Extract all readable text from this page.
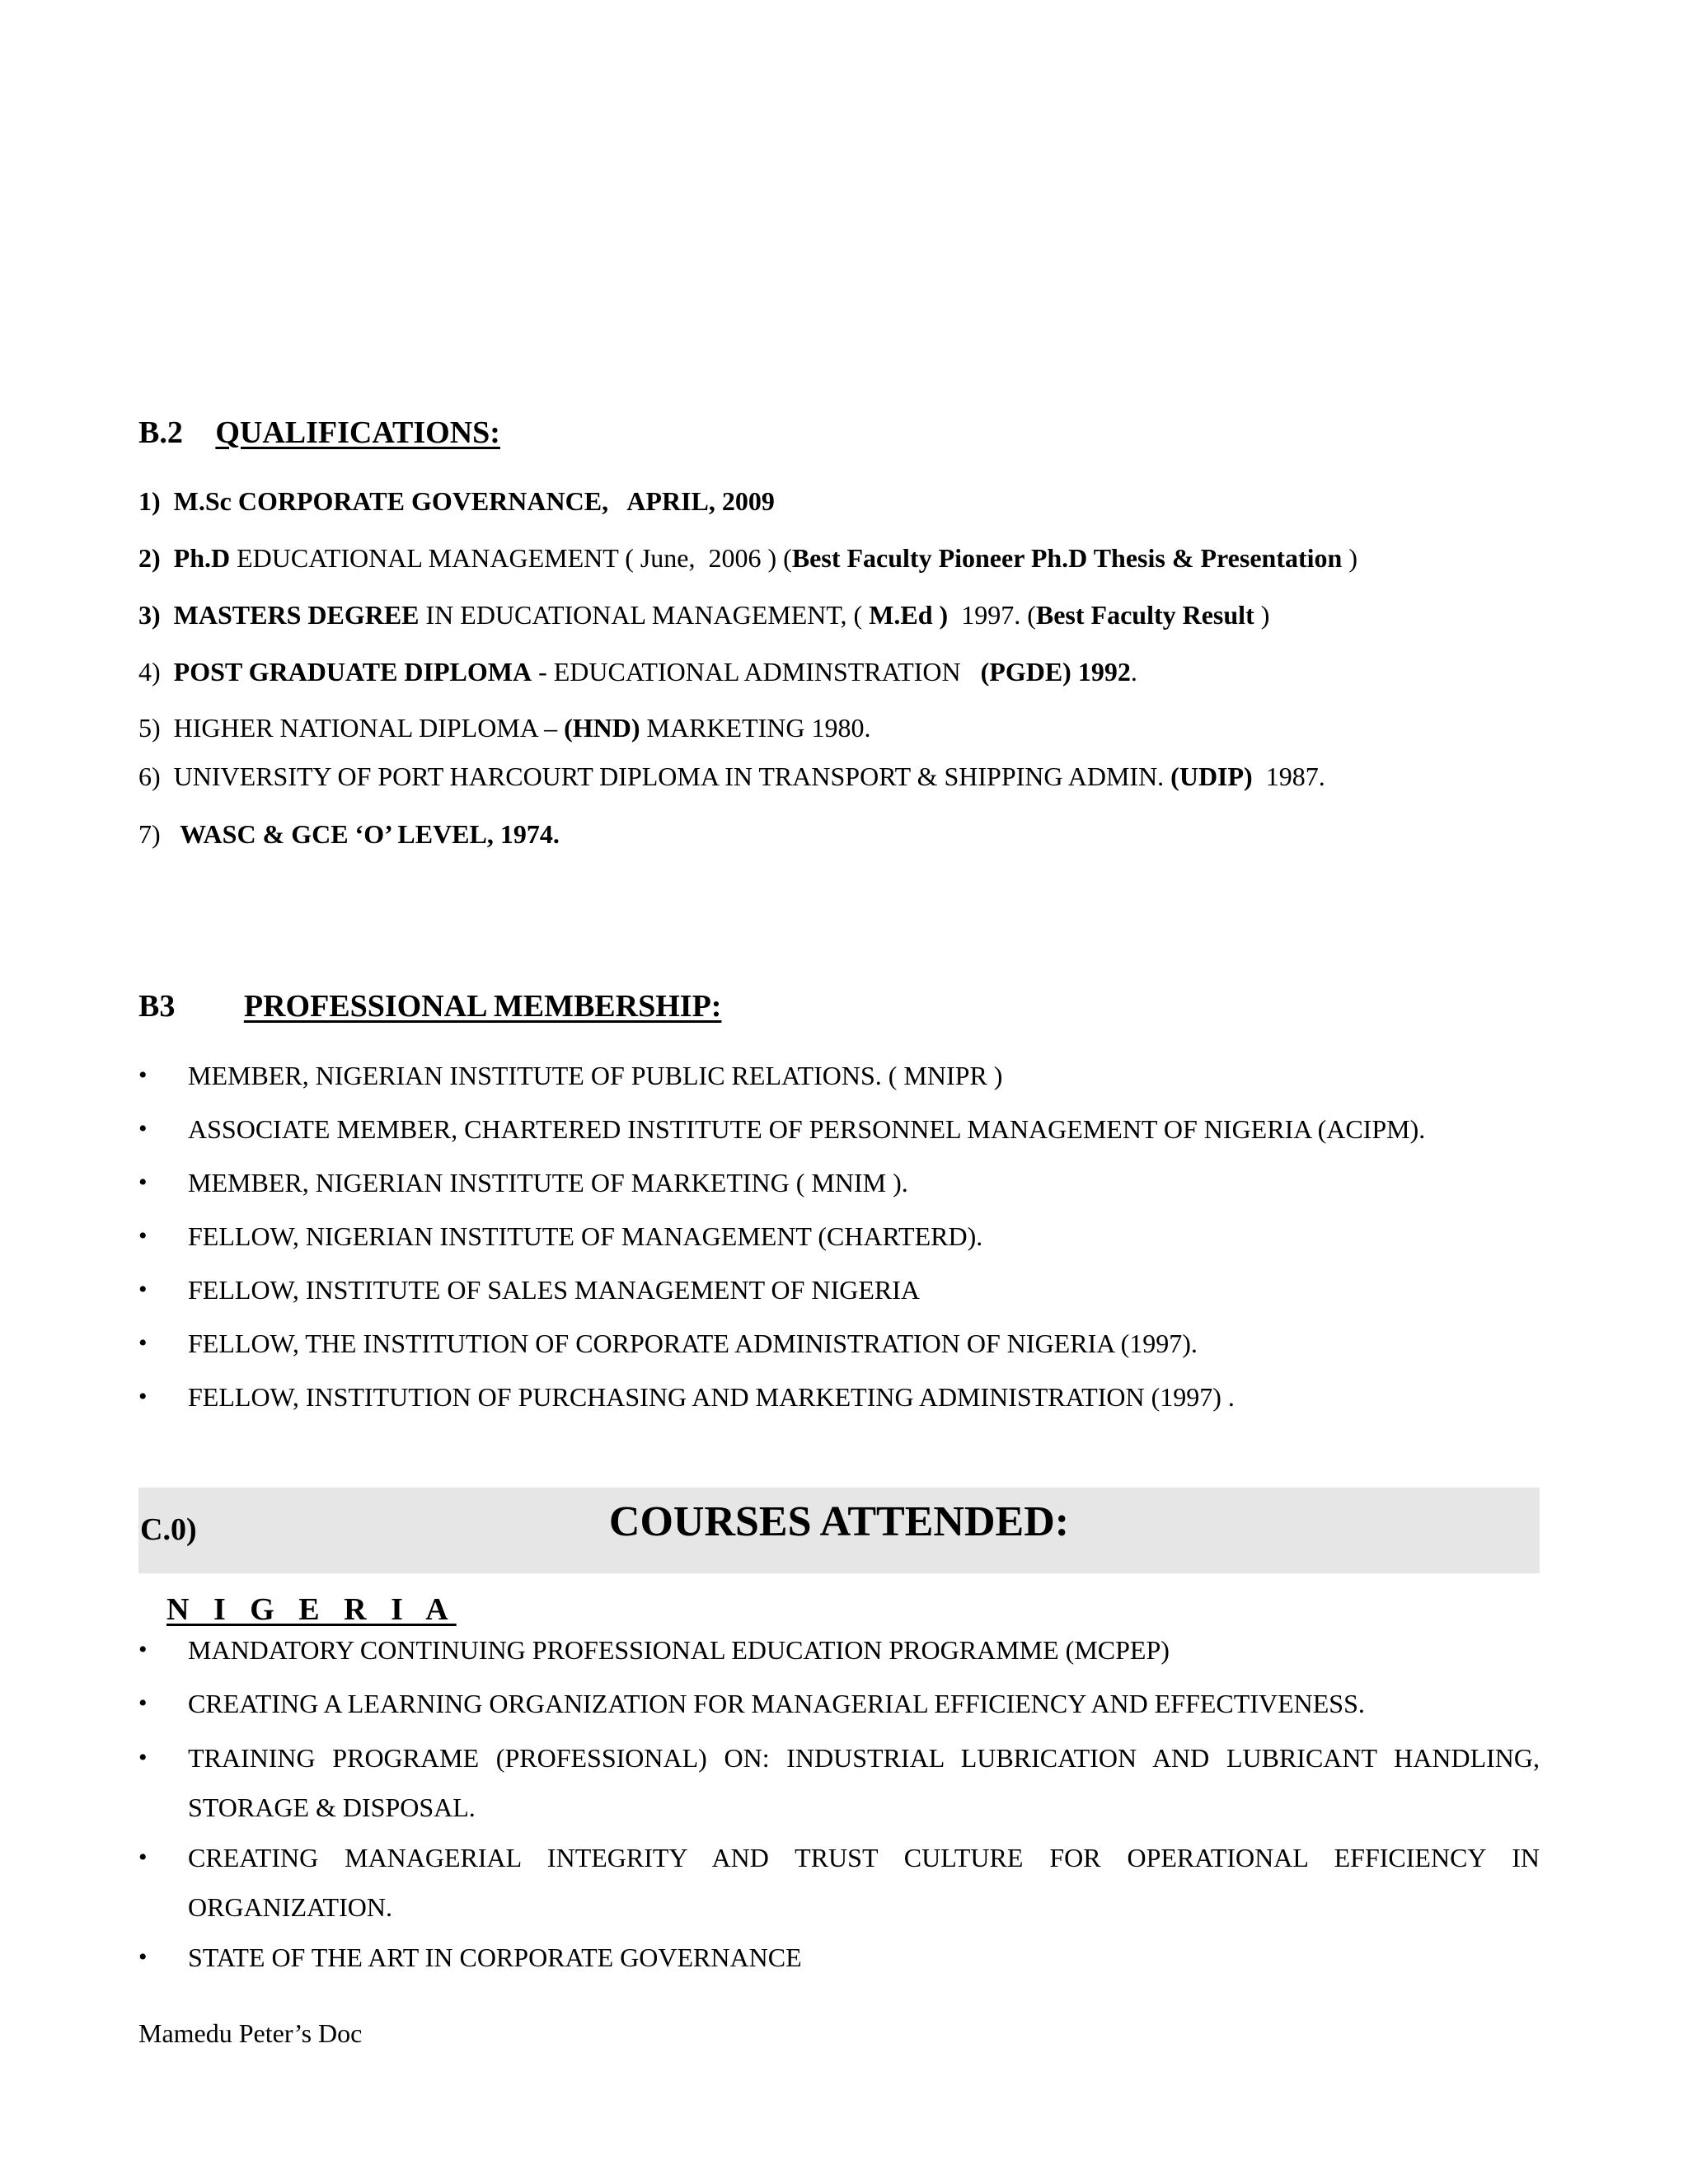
B.2 QUALIFICATIONS:
1)  M.Sc CORPORATE GOVERNANCE,   APRIL, 2009
2)  Ph.D EDUCATIONAL MANAGEMENT ( June,  2006 ) (Best Faculty Pioneer Ph.D Thesis & Presentation )
3)  MASTERS DEGREE IN EDUCATIONAL MANAGEMENT, ( M.Ed )  1997. (Best Faculty Result )
4)  POST GRADUATE DIPLOMA - EDUCATIONAL ADMINSTRATION   (PGDE) 1992.
5)  HIGHER NATIONAL DIPLOMA – (HND) MARKETING 1980.
6)  UNIVERSITY OF PORT HARCOURT DIPLOMA IN TRANSPORT & SHIPPING ADMIN. (UDIP)  1987.
7)   WASC & GCE ‘O’ LEVEL, 1974.
B3 PROFESSIONAL MEMBERSHIP:
• MEMBER, NIGERIAN INSTITUTE OF PUBLIC RELATIONS. ( MNIPR )
• ASSOCIATE MEMBER, CHARTERED INSTITUTE OF PERSONNEL MANAGEMENT OF NIGERIA (ACIPM).
• MEMBER, NIGERIAN INSTITUTE OF MARKETING ( MNIM ).
• FELLOW, NIGERIAN INSTITUTE OF MANAGEMENT (CHARTERD).
• FELLOW, INSTITUTE OF SALES MANAGEMENT OF NIGERIA
• FELLOW, THE INSTITUTION OF CORPORATE ADMINISTRATION OF NIGERIA (1997).
• FELLOW, INSTITUTION OF PURCHASING AND MARKETING ADMINISTRATION (1997) .
C.0)	COURSES ATTENDED:
N I G E R I A
• MANDATORY CONTINUING PROFESSIONAL EDUCATION PROGRAMME (MCPEP)
• CREATING A LEARNING ORGANIZATION FOR MANAGERIAL EFFICIENCY AND EFFECTIVENESS.
• TRAINING PROGRAME (PROFESSIONAL) ON: INDUSTRIAL LUBRICATION AND LUBRICANT HANDLING, STORAGE & DISPOSAL.
• CREATING MANAGERIAL INTEGRITY AND TRUST CULTURE FOR OPERATIONAL EFFICIENCY IN ORGANIZATION.
• STATE OF THE ART IN CORPORATE GOVERNANCE
Mamedu Peter’s Doc
